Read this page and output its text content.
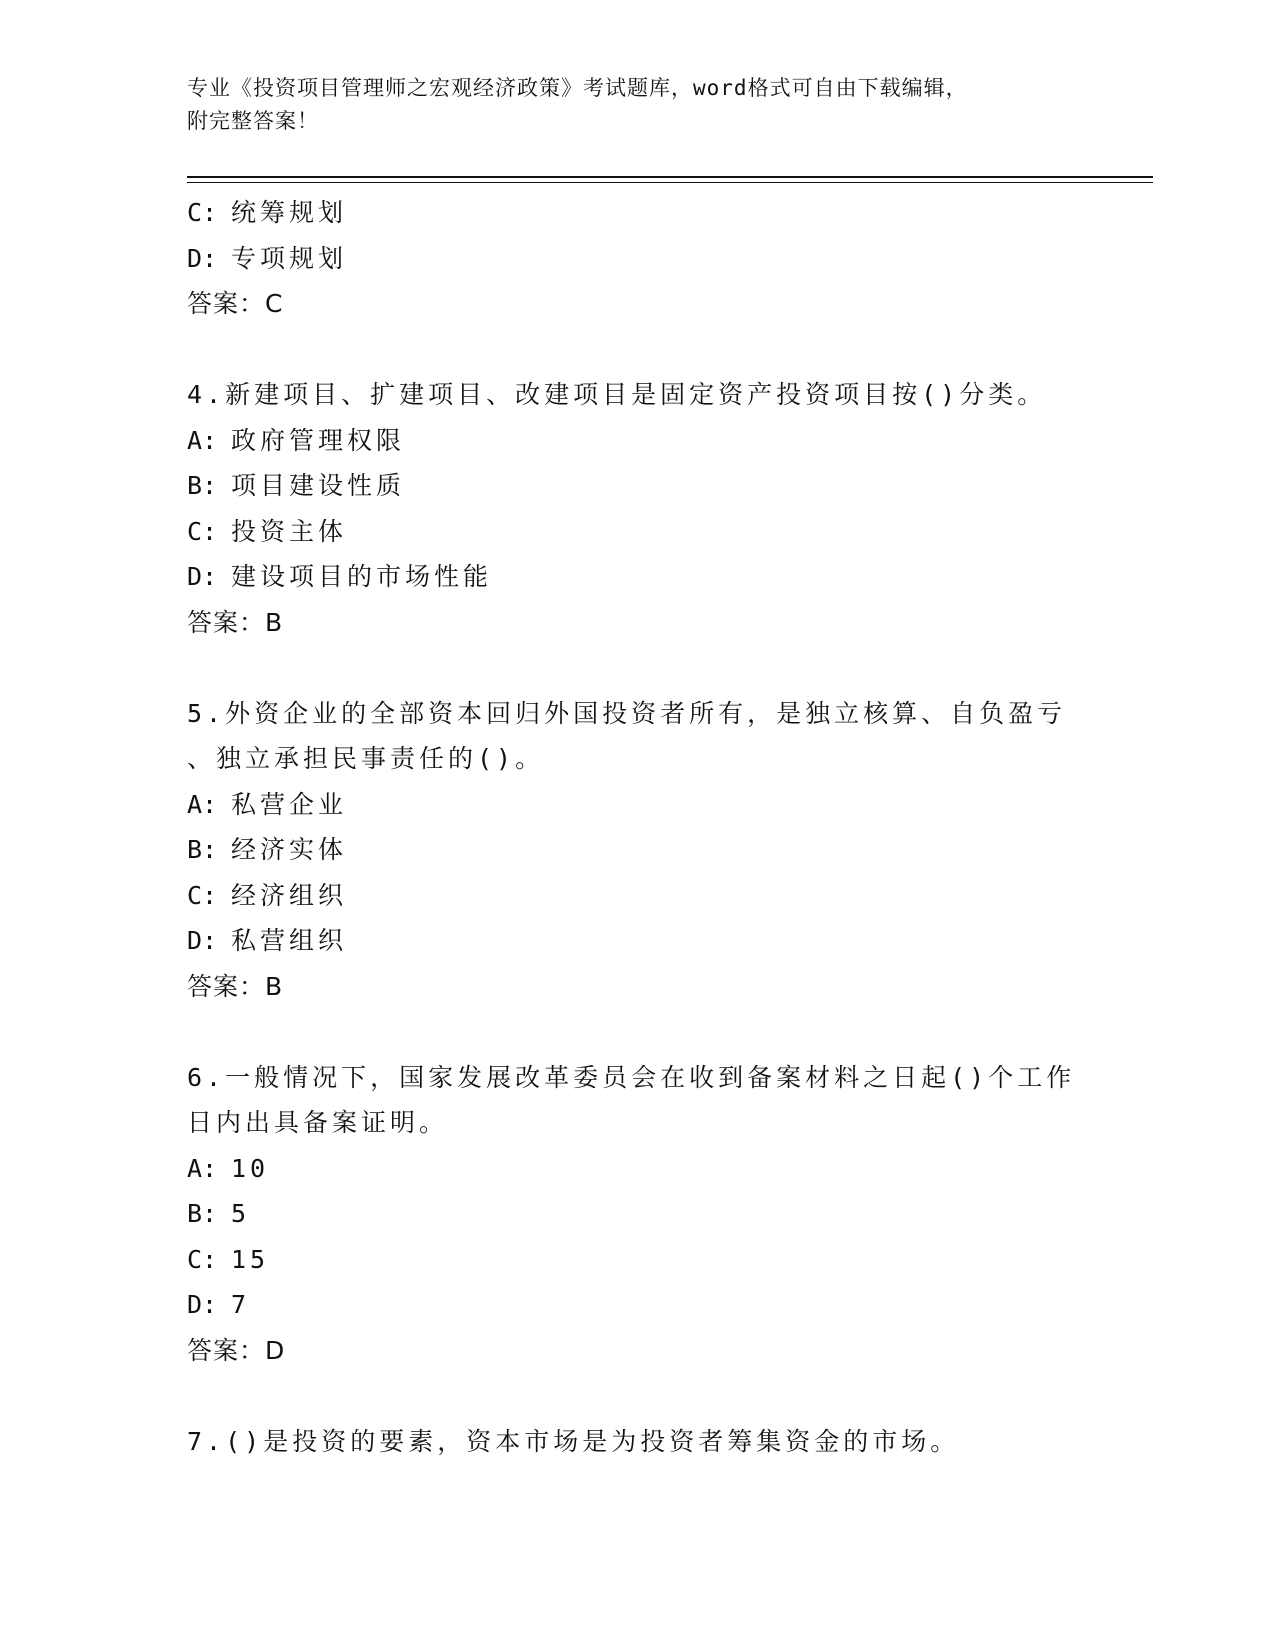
专业《投资项目管理师之宏观经济政策》考试题库，word格式可自由下载编辑，
附完整答案！
C: 统筹规划
D: 专项规划
答案：C
4.新建项目、扩建项目、改建项目是固定资产投资项目按()分类。
A: 政府管理权限
B: 项目建设性质
C: 投资主体
D: 建设项目的市场性能
答案：B
5.外资企业的全部资本回归外国投资者所有，是独立核算、自负盈亏
、独立承担民事责任的()。
A: 私营企业
B: 经济实体
C: 经济组织
D: 私营组织
答案：B
6.一般情况下，国家发展改革委员会在收到备案材料之日起()个工作
日内出具备案证明。
A: 10
B: 5
C: 15
D: 7
答案：D
7.()是投资的要素，资本市场是为投资者筹集资金的市场。
